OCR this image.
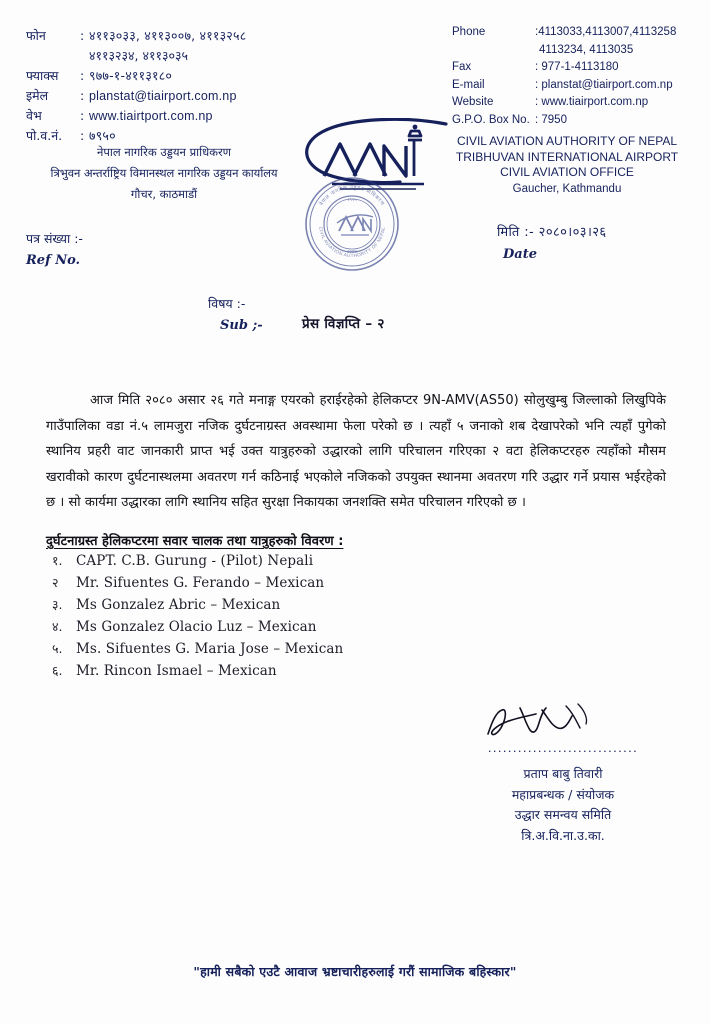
फोन	: ४११३०३३, ४११३००७, ४११३२५८
४११३२३४, ४११३०३५
फ्याक्स	: ९७७-१-४११३१८०
इमेल	: planstat@tiairport.com.np
वेभ	: www.tiairtport.com.np
पो.व.नं.	: ७९५०
नेपाल नागरिक उड्डयन प्राधिकरण
त्रिभुवन अन्तर्राष्ट्रिय विमानस्थल नागरिक उड्डयन कार्यालय
गौचर, काठमाडौं
नेपाल नागरिक उड्डयन प्राधिकरण
CIVIL AVIATION AUTHORITY OF NEPAL
१९५५
1998
Phone	:4113033,4113007,4113258
4113234, 4113035
Fax	: 977-1-4113180
E-mail	: planstat@tiairport.com.np
Website	: www.tiairport.com.np
G.P.O. Box No. : 7950
CIVIL AVIATION AUTHORITY OF NEPAL
TRIBHUVAN INTERNATIONAL AIRPORT
CIVIL AVIATION OFFICE
Gaucher, Kathmandu
मिति :- २०८०।०३।२६
Date
पत्र संख्या :-
Ref No.
विषय :-
Sub ;-	प्रेस विज्ञप्ति – २
आज मिति २०८० असार २६ गते मनाङ्ग एयरको हराईरहेको हेलिकप्टर 9N-AMV(AS50) सोलुखुम्बु जिल्लाको लिखुपिके गाउँपालिका वडा नं.५ लामजुरा नजिक दुर्घटनाग्रस्त अवस्थामा फेला परेको छ । त्यहाँ ५ जनाको शब देखापरेको भनि त्यहाँ पुगेको स्थानिय प्रहरी वाट जानकारी प्राप्त भई उक्त यात्रुहरुको उद्धारको लागि परिचालन गरिएका २ वटा हेलिकप्टरहरु त्यहाँको मौसम खरावीको कारण दुर्घटनास्थलमा अवतरण गर्न कठिनाई भएकोले नजिकको उपयुक्त स्थानमा अवतरण गरि उद्धार गर्ने प्रयास भईरहेको छ । सो कार्यमा उद्धारका लागि स्थानिय सहित सुरक्षा निकायका जनशक्ति समेत परिचालन गरिएको छ ।
दुर्घटनाग्रस्त हेलिकप्टरमा सवार चालक तथा यात्रुहरुको विवरण :
१.	CAPT. C.B. Gurung - (Pilot) Nepali
२	Mr. Sifuentes G. Ferando – Mexican
३.	Ms Gonzalez Abric – Mexican
४.	Ms Gonzalez Olacio Luz – Mexican
५.	Ms. Sifuentes G. Maria Jose – Mexican
६.	Mr. Rincon Ismael – Mexican
..............................
प्रताप बाबु तिवारी
महाप्रबन्धक / संयोजक
उद्धार समन्वय समिति
त्रि.अ.वि.ना.उ.का.
"हामी सबैको एउटै आवाज भ्रष्टाचारीहरुलाई गरौं सामाजिक बहिस्कार"
